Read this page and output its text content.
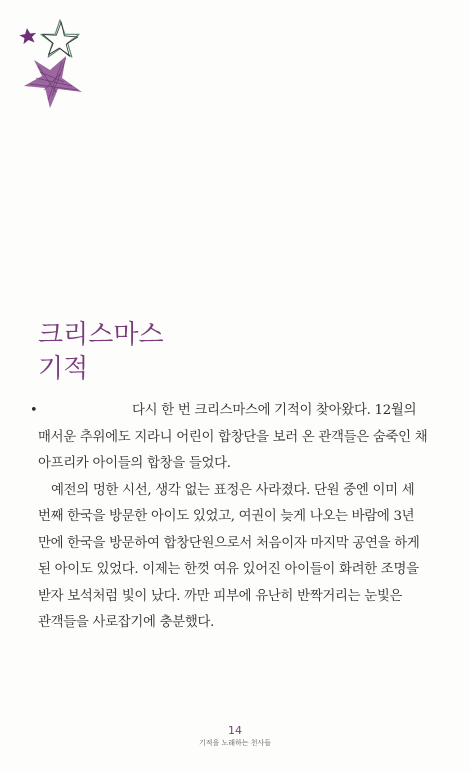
크리스마스
기적
•	다시 한 번 크리스마스에 기적이 찾아왔다. 12월의 매서운 추위에도 지라니 어린이 합창단을 보러 온 관객들은 숨죽인 채 아프리카 아이들의 합창을 들었다.

예전의 멍한 시선, 생각 없는 표정은 사라졌다. 단원 중엔 이미 세 번째 한국을 방문한 아이도 있었고, 여권이 늦게 나오는 바람에 3년 만에 한국을 방문하여 합창단원으로서 처음이자 마지막 공연을 하게 된 아이도 있었다. 이제는 한껏 여유 있어진 아이들이 화려한 조명을 받자 보석처럼 빛이 났다. 까만 피부에 유난히 반짝거리는 눈빛은 관객들을 사로잡기에 충분했다.

14
기적을 노래하는 천사들
